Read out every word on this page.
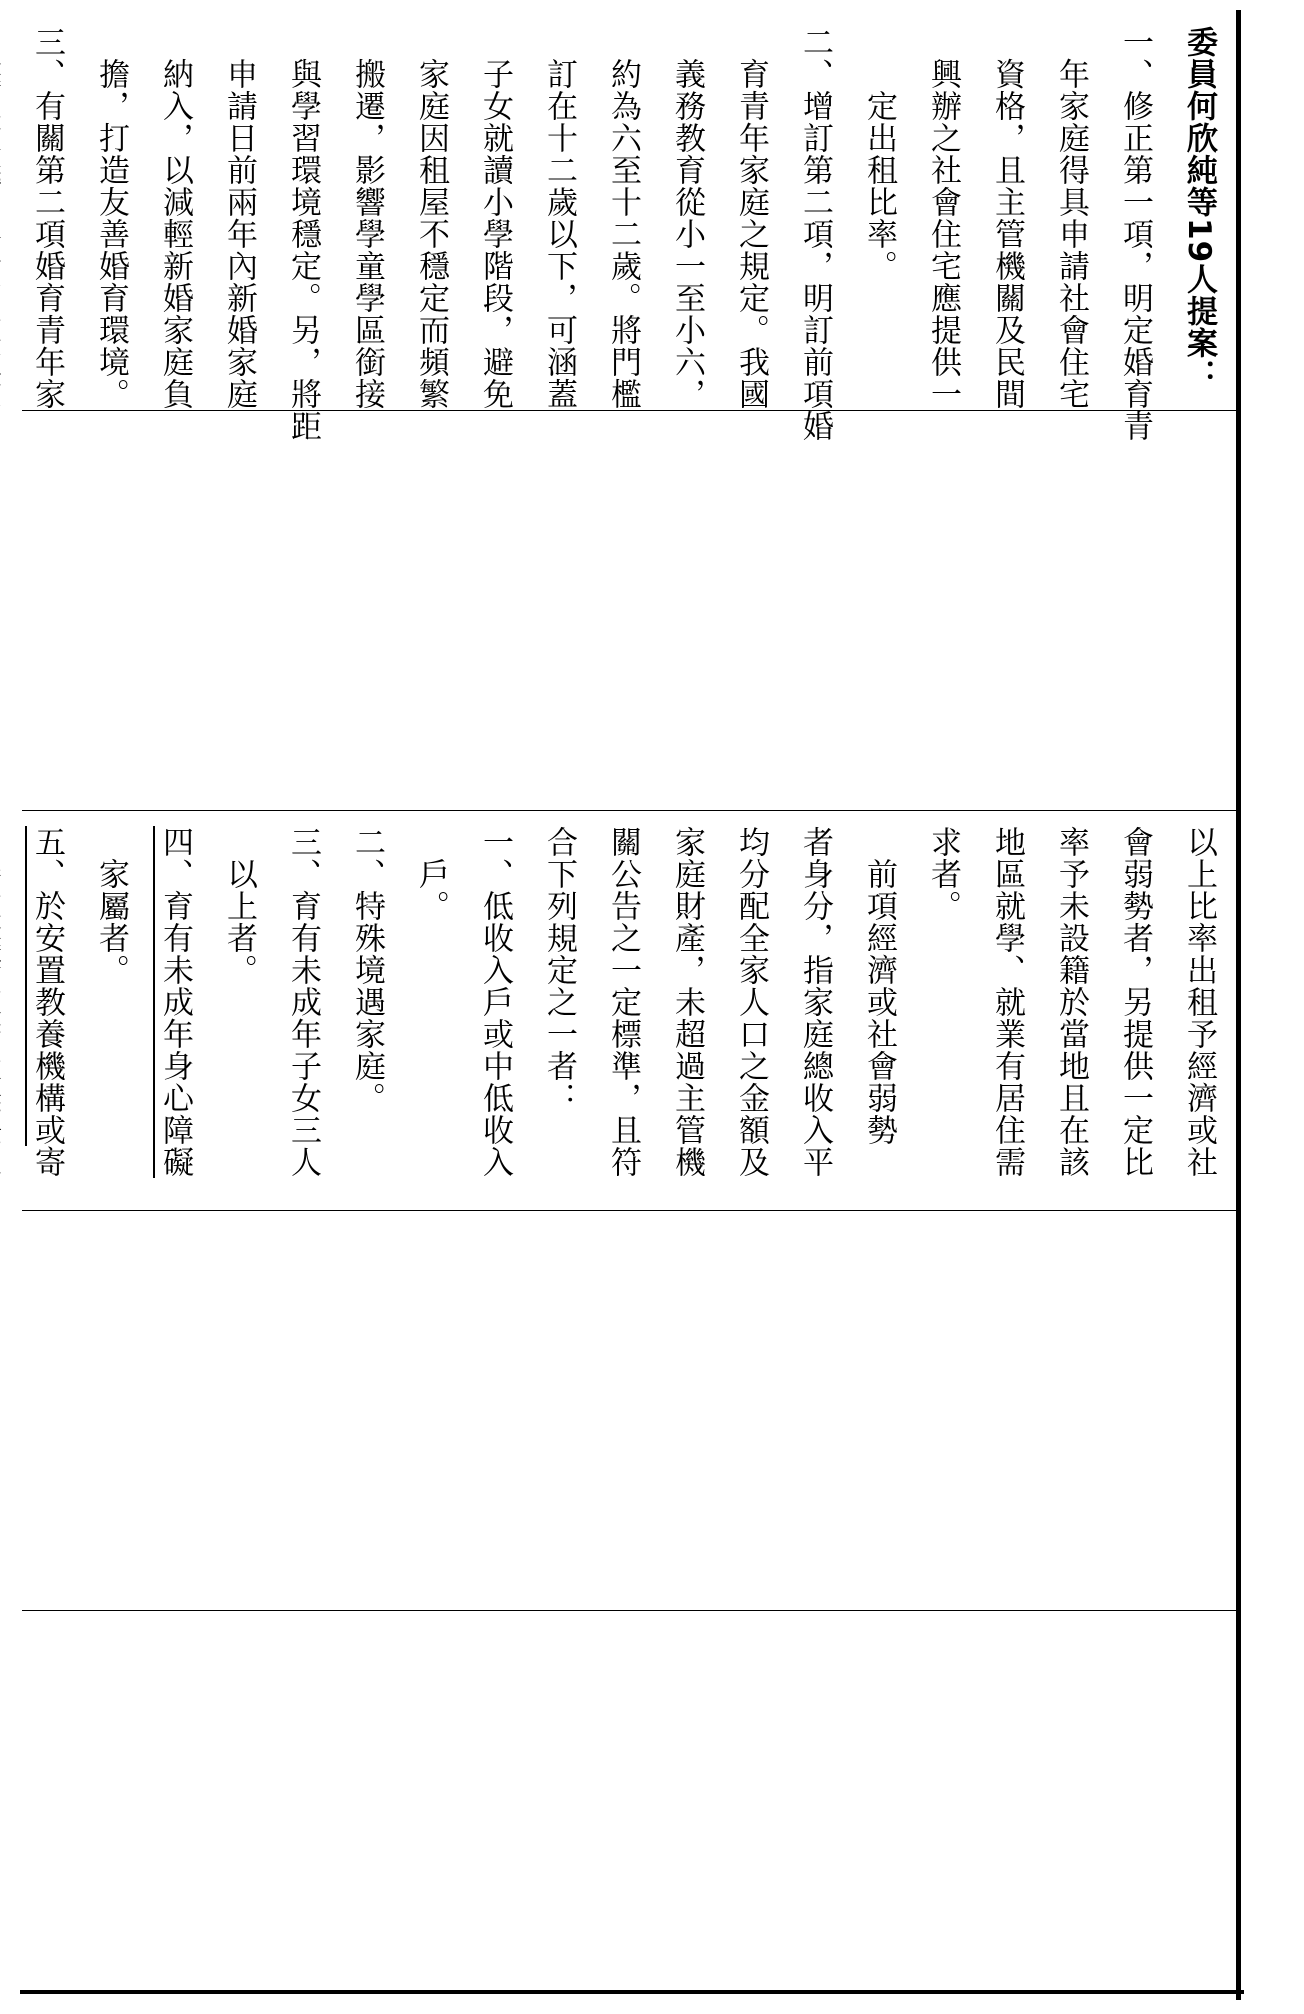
委員何欣純等19人提案：
一、修正第一項，明定婚育青
年家庭得具申請社會住宅
資格，且主管機關及民間
興辦之社會住宅應提供一
定出租比率。
二、增訂第二項，明訂前項婚
育青年家庭之規定。我國
義務教育從小一至小六，
約為六至十二歲。將門檻
訂在十二歲以下，可涵蓋
子女就讀小學階段，避免
家庭因租屋不穩定而頻繁
搬遷，影響學童學區銜接
與學習環境穩定。另，將距
申請日前兩年內新婚家庭
納入，以減輕新婚家庭負
擔，打造友善婚育環境。
三、有關第二項婚育青年家
以上比率出租予經濟或社
會弱勢者，另提供一定比
率予未設籍於當地且在該
地區就學、就業有居住需
求者。
前項經濟或社會弱勢
者身分，指家庭總收入平
均分配全家人口之金額及
家庭財產，未超過主管機
關公告之一定標準，且符
合下列規定之一者：
一、低收入戶或中低收入
戶。
二、特殊境遇家庭。
三、育有未成年子女三人
以上者。
四、育有未成年身心障礙
家屬者。
五、於安置教養機構或寄
